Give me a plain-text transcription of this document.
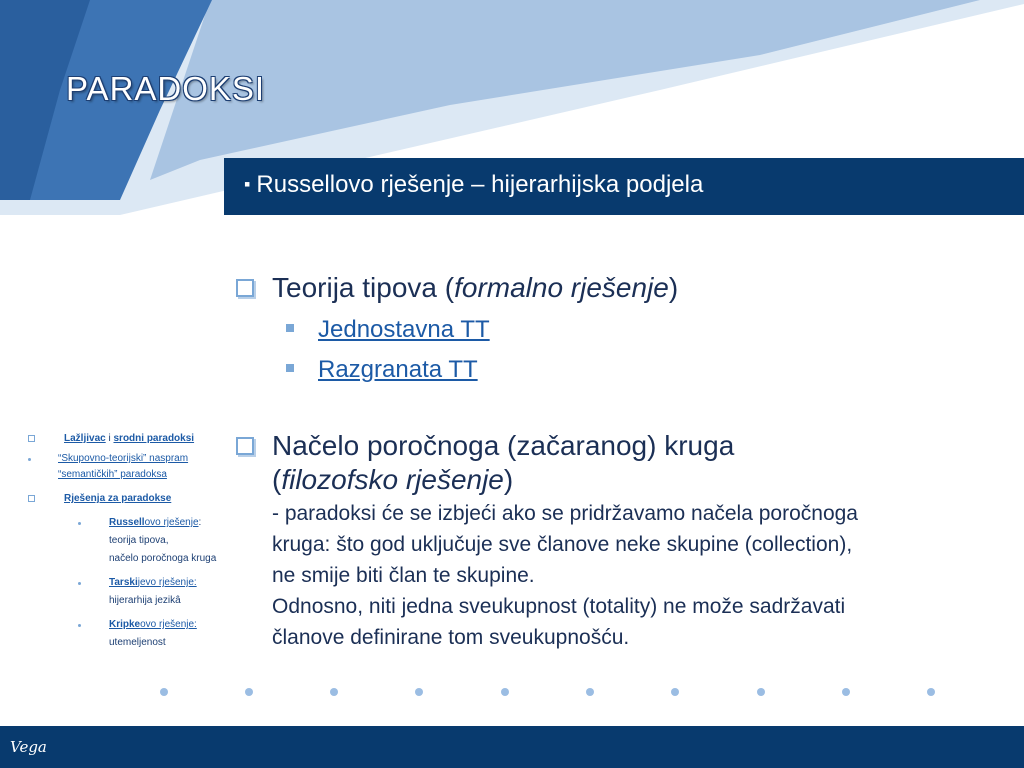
PARADOKSI
▪ Russellovo rješenje – hijerarhijska podjela
Teorija tipova (formalno rješenje)
Jednostavna TT
Razgranata TT
Načelo poročnoga (začaranog) kruga
(filozofsko rješenje)
- paradoksi će se izbjeći ako se pridržavamo načela poročnoga
kruga: što god uključuje sve članove neke skupine (collection),
ne smije biti član te skupine.
Odnosno, niti jedna sveukupnost (totality) ne može sadržavati
članove definirane tom sveukupnošću.
Lažljivac i srodni paradoksi
“Skupovno-teorijski” naspram
“semantičkih” paradoksa
Rješenja za paradokse
Russellovo rješenje:
teorija tipova,
načelo poročnoga kruga
Tarskijevo rješenje:
hijerarhija jezikâ
Kripkeovo rješenje:
utemeljenost
Vega
